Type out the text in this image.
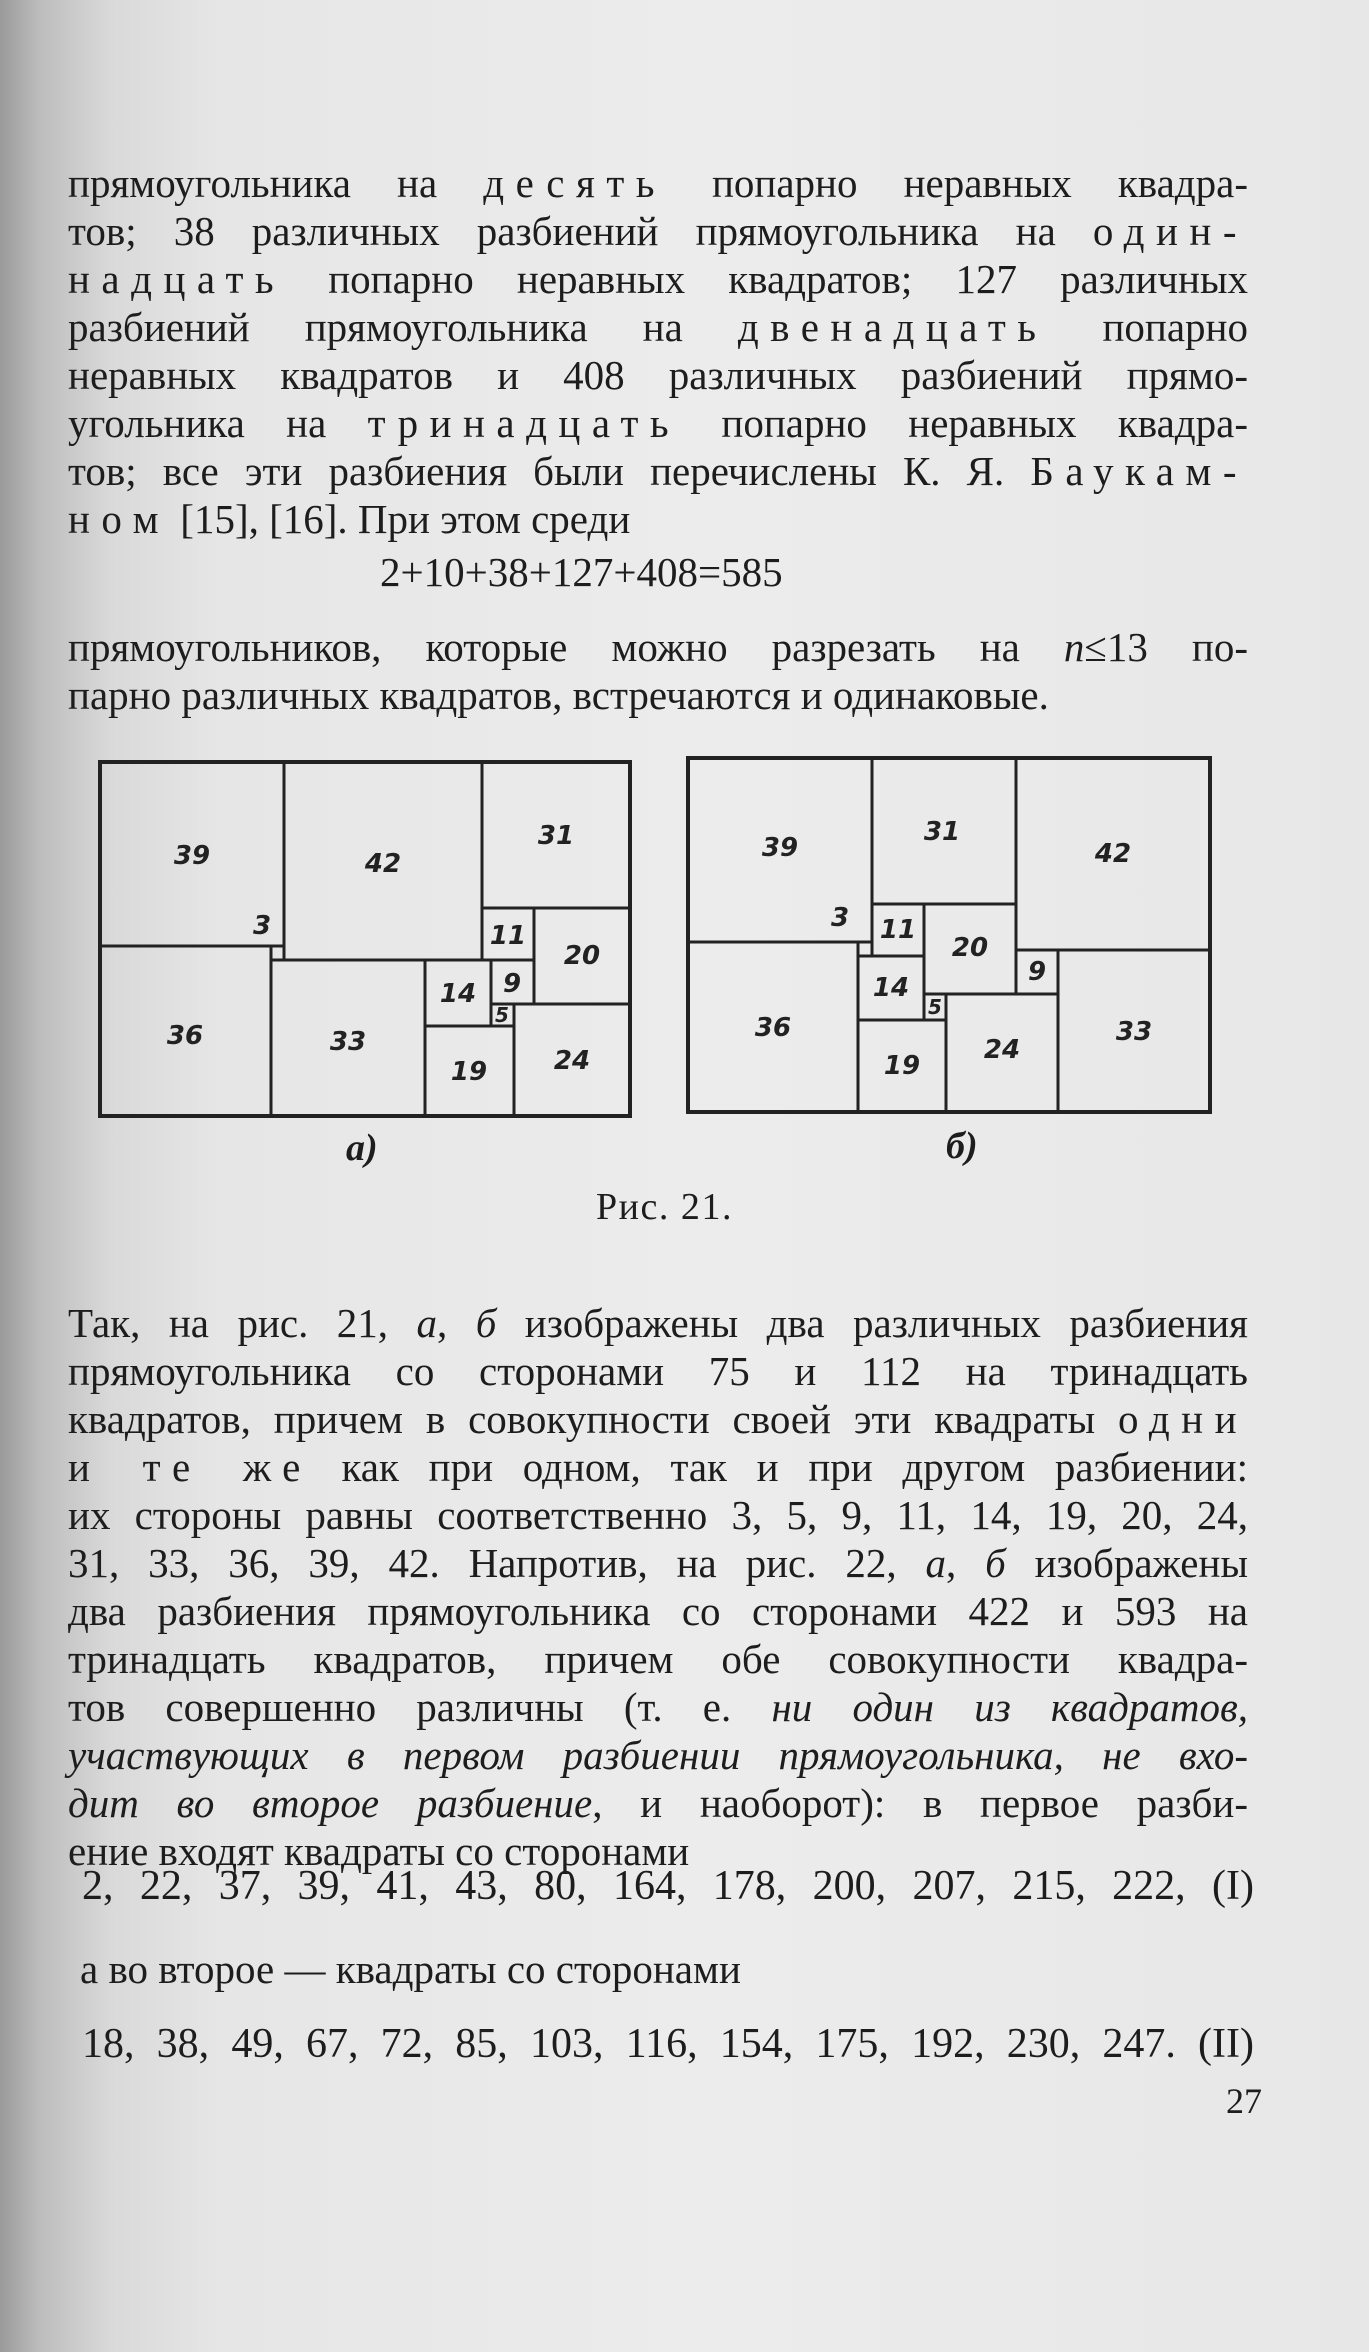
прямоугольника на десять попарно неравных квадра-
тов; 38 различных разбиений прямоугольника на один-
надцать попарно неравных квадратов; 127 различных
разбиений прямоугольника на двенадцать попарно
неравных квадратов и 408 различных разбиений прямо-
угольника на тринадцать попарно неравных квадра-
тов; все эти разбиения были перечислены К. Я. Баукам-
ном [15], [16]. При этом среди
2+10+38+127+408=585
прямоугольников, которые можно разрезать на n≤13 по-
парно различных квадратов, встречаются и одинаковые.
39	42
31
3	11
20
9
14
36	33
5
19	24
а)
39
31
42
3 11
20
9
14
5
36
19
24
33
б)
Рис. 21.
Так, на рис. 21, а, б изображены два различных разбиения
прямоугольника со сторонами 75 и 112 на тринадцать
квадратов, причем в совокупности своей эти квадраты одни
и те же как при одном, так и при другом разбиении:
их стороны равны соответственно 3, 5, 9, 11, 14, 19, 20, 24,
31, 33, 36, 39, 42. Напротив, на рис. 22, а, б изображены
два разбиения прямоугольника со сторонами 422 и 593 на
тринадцать квадратов, причем обе совокупности квадра-
тов совершенно различны (т. е. ни один из квадратов,
участвующих в первом разбиении прямоугольника, не вхо-
дит во второе разбиение, и наоборот): в первое разби-
ение входят квадраты со сторонами
2, 22, 37, 39, 41, 43, 80, 164, 178, 200, 207, 215, 222, (I)
а во второе — квадраты со сторонами
18, 38, 49, 67, 72, 85, 103, 116, 154, 175, 192, 230, 247. (II)
27
